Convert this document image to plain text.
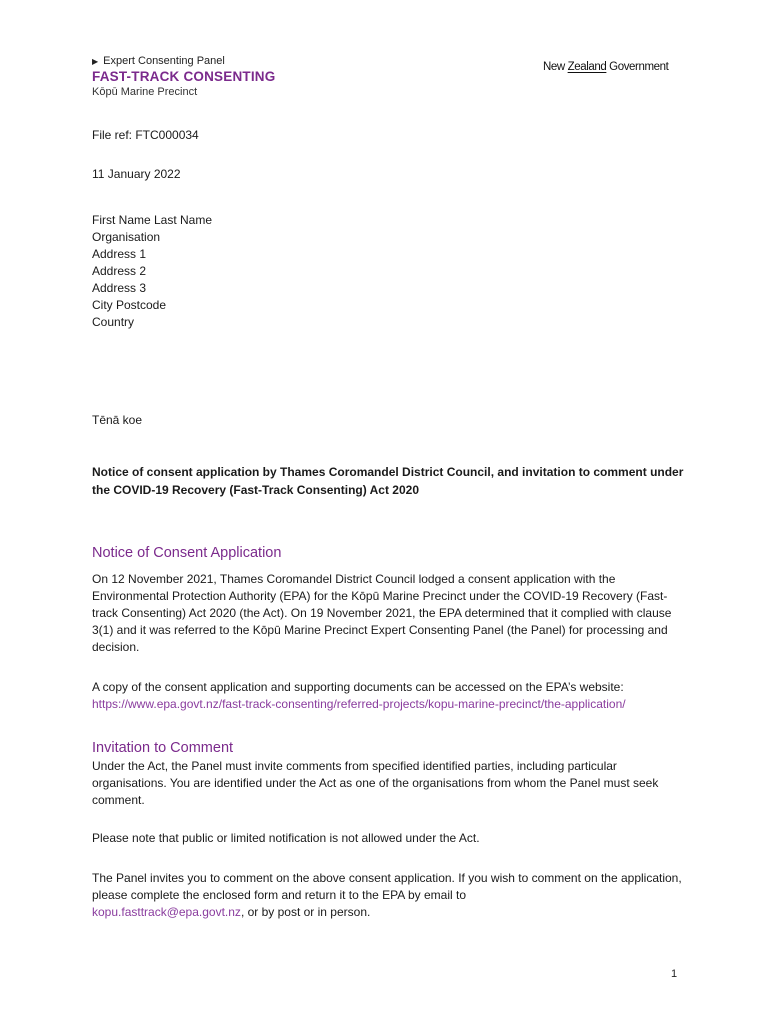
▶ Expert Consenting Panel
FAST-TRACK CONSENTING
Kōpū Marine Precinct
New Zealand Government
File ref: FTC000034
11 January 2022
First Name Last Name
Organisation
Address 1
Address 2
Address 3
City Postcode
Country
Tēnā koe
Notice of consent application by Thames Coromandel District Council, and invitation to comment under the COVID-19 Recovery (Fast-Track Consenting) Act 2020
Notice of Consent Application
On 12 November 2021, Thames Coromandel District Council lodged a consent application with the Environmental Protection Authority (EPA) for the Kōpū Marine Precinct under the COVID-19 Recovery (Fast-track Consenting) Act 2020 (the Act). On 19 November 2021, the EPA determined that it complied with clause 3(1) and it was referred to the Kōpū Marine Precinct Expert Consenting Panel (the Panel) for processing and decision.
A copy of the consent application and supporting documents can be accessed on the EPA’s website:
https://www.epa.govt.nz/fast-track-consenting/referred-projects/kopu-marine-precinct/the-application/
Invitation to Comment
Under the Act, the Panel must invite comments from specified identified parties, including particular organisations. You are identified under the Act as one of the organisations from whom the Panel must seek comment.
Please note that public or limited notification is not allowed under the Act.
The Panel invites you to comment on the above consent application. If you wish to comment on the application, please complete the enclosed form and return it to the EPA by email to
kopu.fasttrack@epa.govt.nz, or by post or in person.
1
